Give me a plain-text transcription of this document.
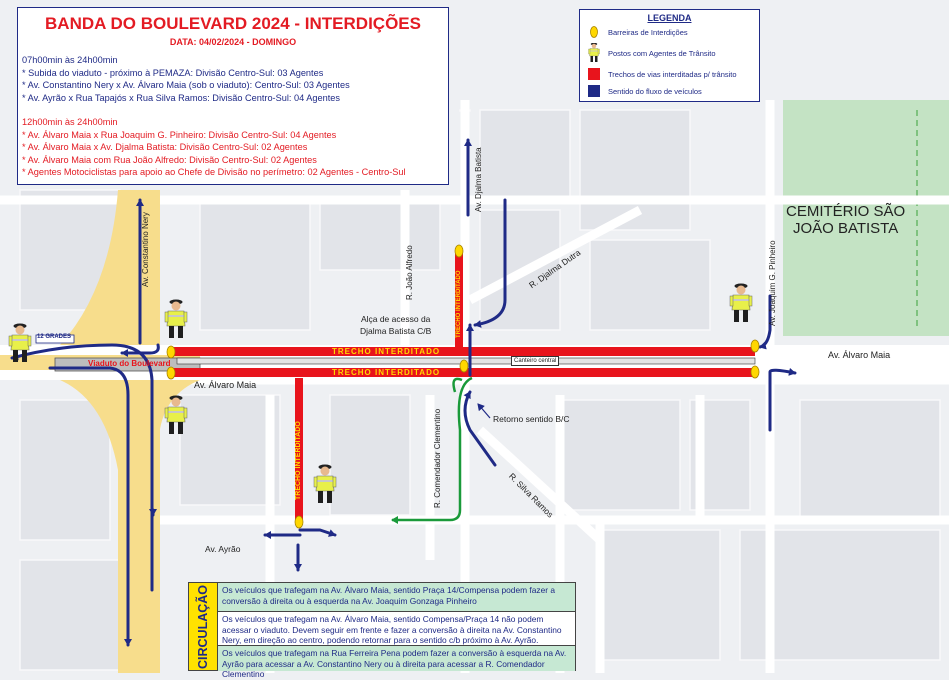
12 GRADES
Av. Constantino Nery
Av. Djalma Batista
R. João Alfredo	R. Djalma Dutra	Av. Joaquim G. Pinheiro
Av. Álvaro Maia
Av. Álvaro Maia
Alça de acesso da
Djalma Batista C/B
Canteiro central
Viaduto do Boulevard
TRECHO INTERDITADO
TRECHO INTERDITADO
TRECHO INTERDITADO
TRECHO INTERDITADO
Retorno sentido B/C
R. Comendador Clementino	R. Silva Ramos
Av. Ayrão
CEMITÉRIO SÃO
JOÃO BATISTA
BANDA DO BOULEVARD 2024 - INTERDIÇÕES
DATA: 04/02/2024 - DOMINGO
07h00min às 24h00min
* Subida do viaduto - próximo à PEMAZA: Divisão Centro-Sul: 03 Agentes
* Av. Constantino Nery x Av. Álvaro Maia (sob o viaduto): Centro-Sul: 03 Agentes
* Av. Ayrão x Rua Tapajós x Rua Silva Ramos: Divisão Centro-Sul: 04 Agentes
12h00min às 24h00min
* Av. Álvaro Maia x Rua Joaquim G. Pinheiro: Divisão Centro-Sul: 04 Agentes
* Av. Álvaro Maia x Av. Djalma Batista: Divisão Centro-Sul: 02 Agentes
* Av. Álvaro Maia com Rua João Alfredo: Divisão Centro-Sul: 02 Agentes
* Agentes Motociclistas para apoio ao Chefe de Divisão no perímetro: 02 Agentes - Centro-Sul
LEGENDA
Barreiras de Interdições
Postos com Agentes de Trânsito
Trechos de vias interditadas p/ trânsito
Sentido do fluxo de veículos
CIRCULAÇÃO	Os veículos que trafegam na Av. Álvaro Maia, sentido Praça 14/Compensa podem fazer a conversão à direita ou à esquerda na Av. Joaquim Gonzaga Pinheiro
Os veículos que trafegam na Av. Álvaro Maia, sentido Compensa/Praça 14 não podem acessar o viaduto. Devem seguir em frente e fazer a conversão à direita na Av. Constantino Nery, em direção ao centro, podendo retornar para o sentido c/b próximo à Av. Ayrão.
Os veículos que trafegam na Rua Ferreira Pena podem fazer a conversão à esquerda na Av. Ayrão para acessar a Av. Constantino Nery ou à direita para acessar a R. Comendador Clementino
